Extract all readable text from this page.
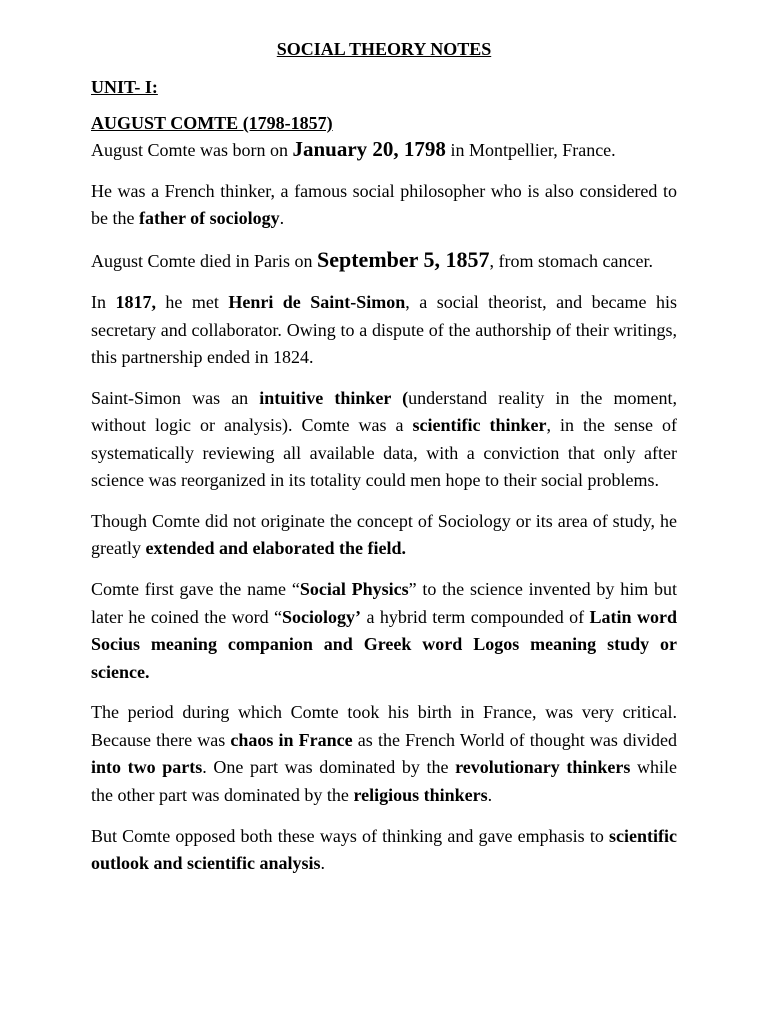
SOCIAL THEORY NOTES
UNIT- I:
AUGUST COMTE (1798-1857)

August Comte was born on January 20, 1798 in Montpellier, France.

He was a French thinker, a famous social philosopher who is also considered to be the father of sociology.

August Comte died in Paris on September 5, 1857, from stomach cancer.

In 1817, he met Henri de Saint-Simon, a social theorist, and became his secretary and collaborator. Owing to a dispute of the authorship of their writings, this partnership ended in 1824.

Saint-Simon was an intuitive thinker (understand reality in the moment, without logic or analysis). Comte was a scientific thinker, in the sense of systematically reviewing all available data, with a conviction that only after science was reorganized in its totality could men hope to their social problems.

Though Comte did not originate the concept of Sociology or its area of study, he greatly extended and elaborated the field.

Comte first gave the name “Social Physics” to the science invented by him but later he coined the word “Sociology’ a hybrid term compounded of Latin word Socius meaning companion and Greek word Logos meaning study or science.

The period during which Comte took his birth in France, was very critical. Because there was chaos in France as the French World of thought was divided into two parts. One part was dominated by the revolutionary thinkers while the other part was dominated by the religious thinkers.

But Comte opposed both these ways of thinking and gave emphasis to scientific outlook and scientific analysis.
